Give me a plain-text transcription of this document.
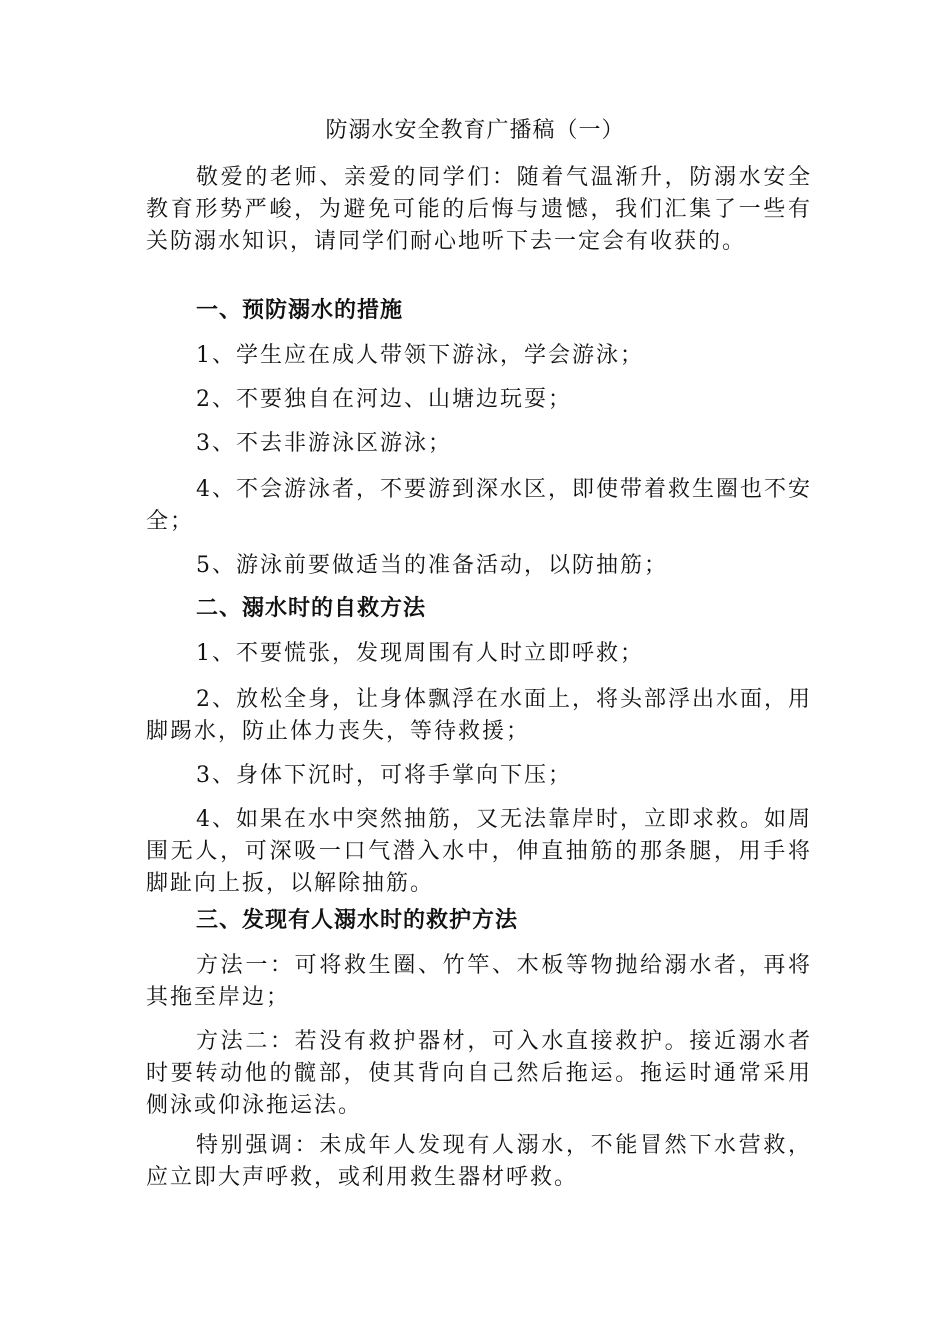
防溺水安全教育广播稿（一）

敬爱的老师、亲爱的同学们：随着气温渐升，防溺水安全教育形势严峻，为避免可能的后悔与遗憾，我们汇集了一些有关防溺水知识，请同学们耐心地听下去一定会有收获的。

一、预防溺水的措施

1、学生应在成人带领下游泳，学会游泳；

2、不要独自在河边、山塘边玩耍；

3、不去非游泳区游泳；

4、不会游泳者，不要游到深水区，即使带着救生圈也不安全；

5、游泳前要做适当的准备活动，以防抽筋；

二、溺水时的自救方法

1、不要慌张，发现周围有人时立即呼救；

2、放松全身，让身体飘浮在水面上，将头部浮出水面，用脚踢水，防止体力丧失，等待救援；

3、身体下沉时，可将手掌向下压；

4、如果在水中突然抽筋，又无法靠岸时，立即求救。如周围无人，可深吸一口气潜入水中，伸直抽筋的那条腿，用手将脚趾向上扳，以解除抽筋。

三、发现有人溺水时的救护方法

方法一：可将救生圈、竹竿、木板等物抛给溺水者，再将其拖至岸边；

方法二：若没有救护器材，可入水直接救护。接近溺水者时要转动他的髋部，使其背向自己然后拖运。拖运时通常采用侧泳或仰泳拖运法。

特别强调：未成年人发现有人溺水，不能冒然下水营救，应立即大声呼救，或利用救生器材呼救。
